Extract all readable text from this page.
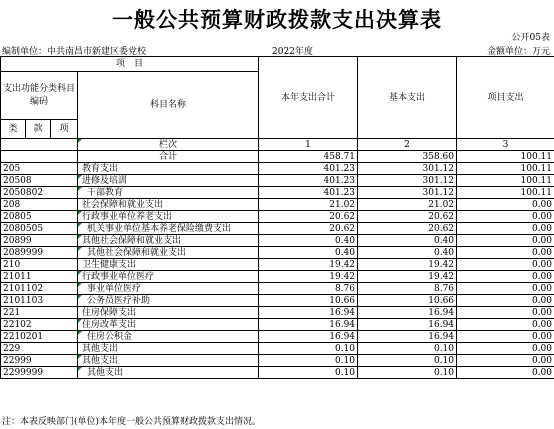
一般公共预算财政拨款支出决算表
公开05表
编制单位：中共南昌市新建区委党校	2022年度	金额单位：万元
项　目				本年支出合计	基本支出	项目支出
支出功能分类科目编码			科目名称			
类	款	项				
			栏次	1	2	3
			合计	458.71	358.60	100.11
205			教育支出	401.23	301.12	100.11
20508			进修及培训	401.23	301.12	100.11
2050802			干部教育	401.23	301.12	100.11
208			社会保障和就业支出	21.02	21.02	0.00
20805			行政事业单位养老支出	20.62	20.62	0.00
2080505			机关事业单位基本养老保险缴费支出	20.62	20.62	0.00
20899			其他社会保障和就业支出	0.40	0.40	0.00
2089999			其他社会保障和就业支出	0.40	0.40	0.00
210			卫生健康支出	19.42	19.42	0.00
21011			行政事业单位医疗	19.42	19.42	0.00
2101102			事业单位医疗	8.76	8.76	0.00
2101103			公务员医疗补助	10.66	10.66	0.00
221			住房保障支出	16.94	16.94	0.00
22102			住房改革支出	16.94	16.94	0.00
2210201			住房公积金	16.94	16.94	0.00
229			其他支出	0.10	0.10	0.00
22999			其他支出	0.10	0.10	0.00
2299999			其他支出	0.10	0.10	0.00
注：本表反映部门(单位)本年度一般公共预算财政拨款支出情况。
